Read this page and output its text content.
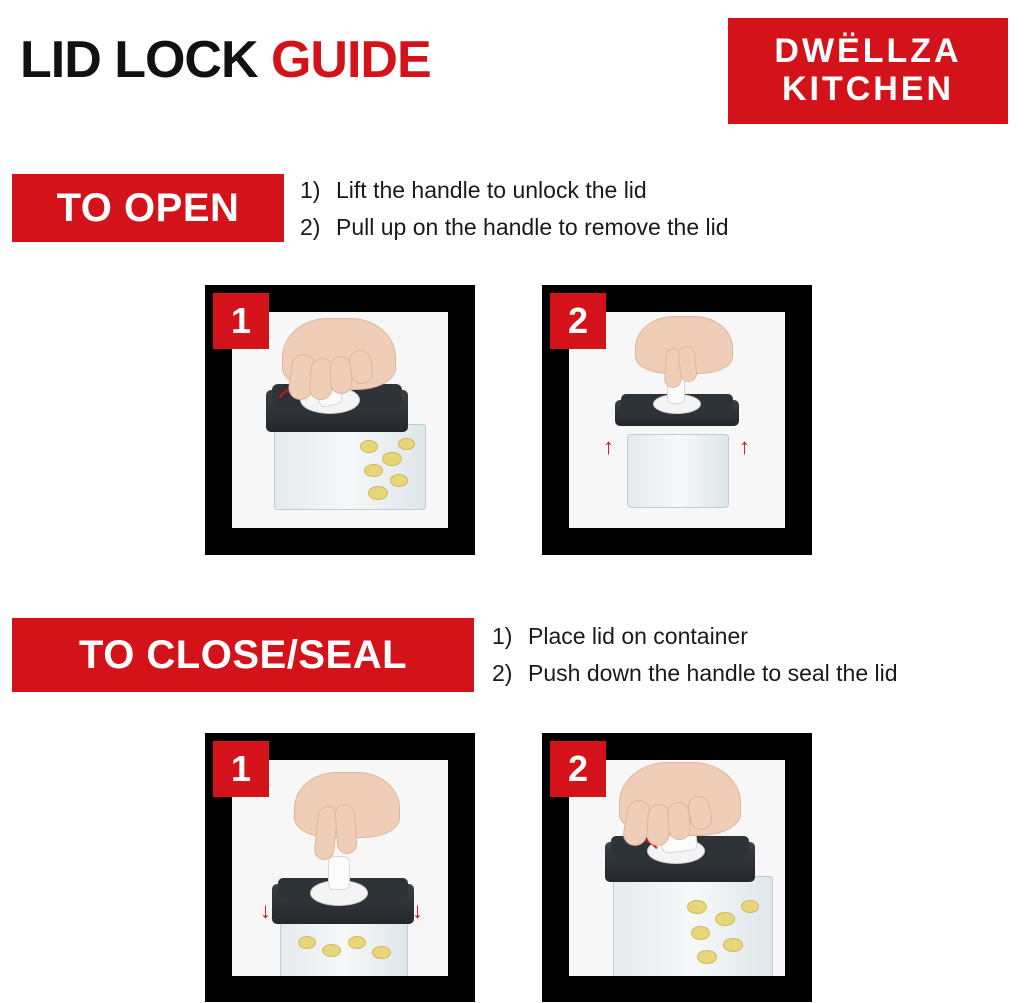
LID LOCK GUIDE	DWËLLZA
KITCHEN
TO OPEN	1) Lift the handle to unlock the lid
2) Pull up on the handle to remove the lid
1	2
↑	↑
TO CLOSE/SEAL	1) Place lid on container
2) Push down the handle to seal the lid
1
↓	↓
2
